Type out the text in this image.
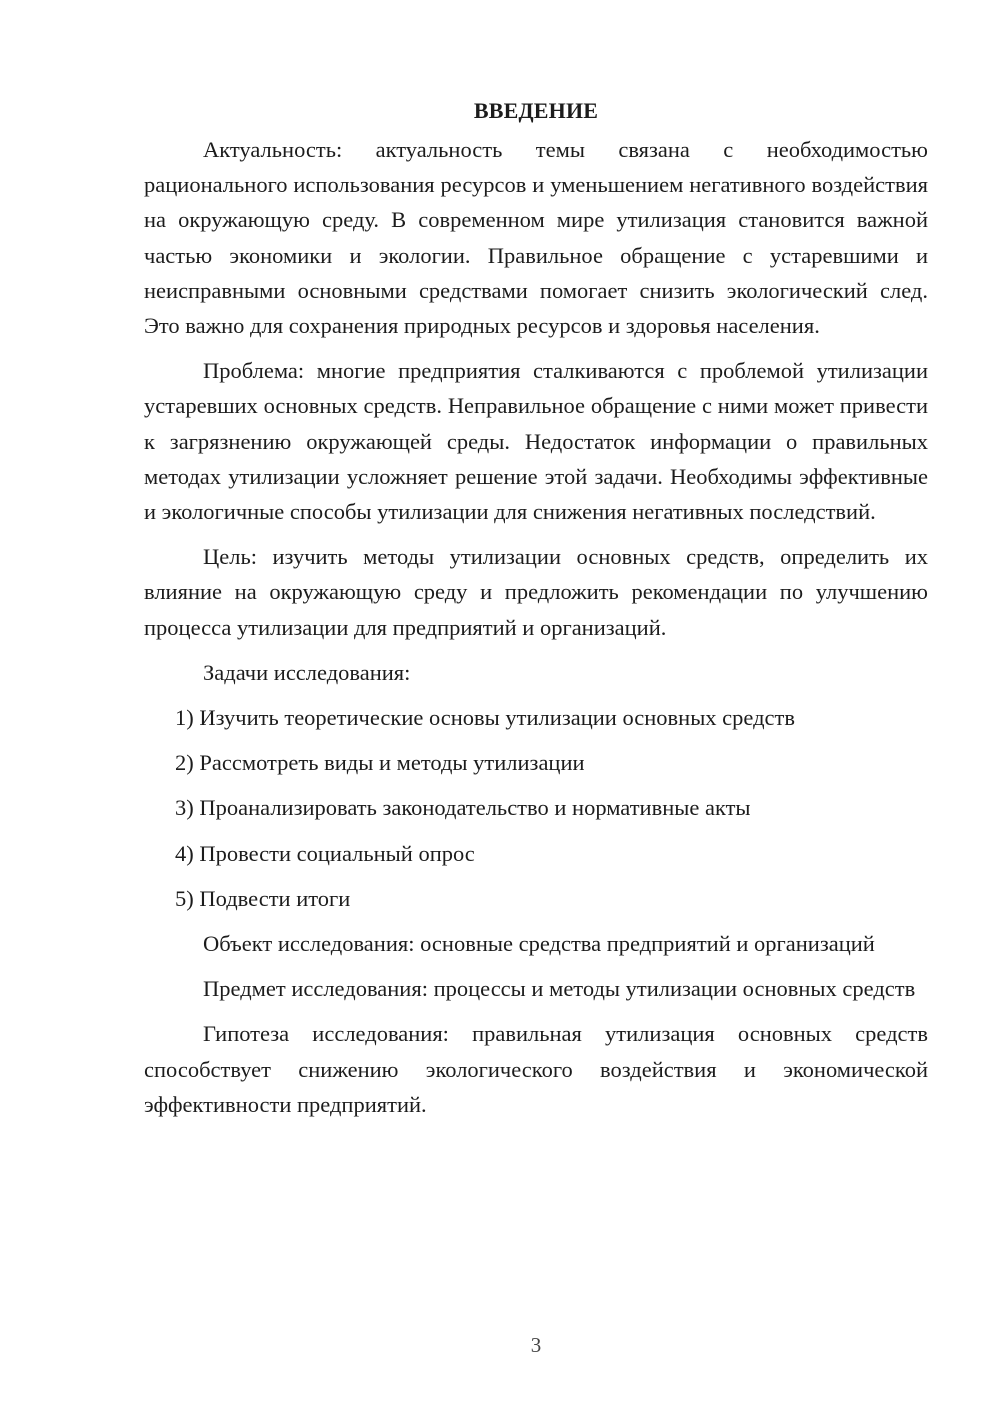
ВВЕДЕНИЕ

Актуальность: актуальность темы связана с необходимостью рационального использования ресурсов и уменьшением негативного воздействия на окружающую среду. В современном мире утилизация становится важной частью экономики и экологии. Правильное обращение с устаревшими и неисправными основными средствами помогает снизить экологический след. Это важно для сохранения природных ресурсов и здоровья населения.

Проблема: многие предприятия сталкиваются с проблемой утилизации устаревших основных средств. Неправильное обращение с ними может привести к загрязнению окружающей среды. Недостаток информации о правильных методах утилизации усложняет решение этой задачи. Необходимы эффективные и экологичные способы утилизации для снижения негативных последствий.

Цель: изучить методы утилизации основных средств, определить их влияние на окружающую среду и предложить рекомендации по улучшению процесса утилизации для предприятий и организаций.

Задачи исследования:

1) Изучить теоретические основы утилизации основных средств
2) Рассмотреть виды и методы утилизации
3) Проанализировать законодательство и нормативные акты
4) Провести социальный опрос
5) Подвести итоги

Объект исследования: основные средства предприятий и организаций

Предмет исследования: процессы и методы утилизации основных средств

Гипотеза исследования: правильная утилизация основных средств способствует снижению экологического воздействия и экономической эффективности предприятий.

3
